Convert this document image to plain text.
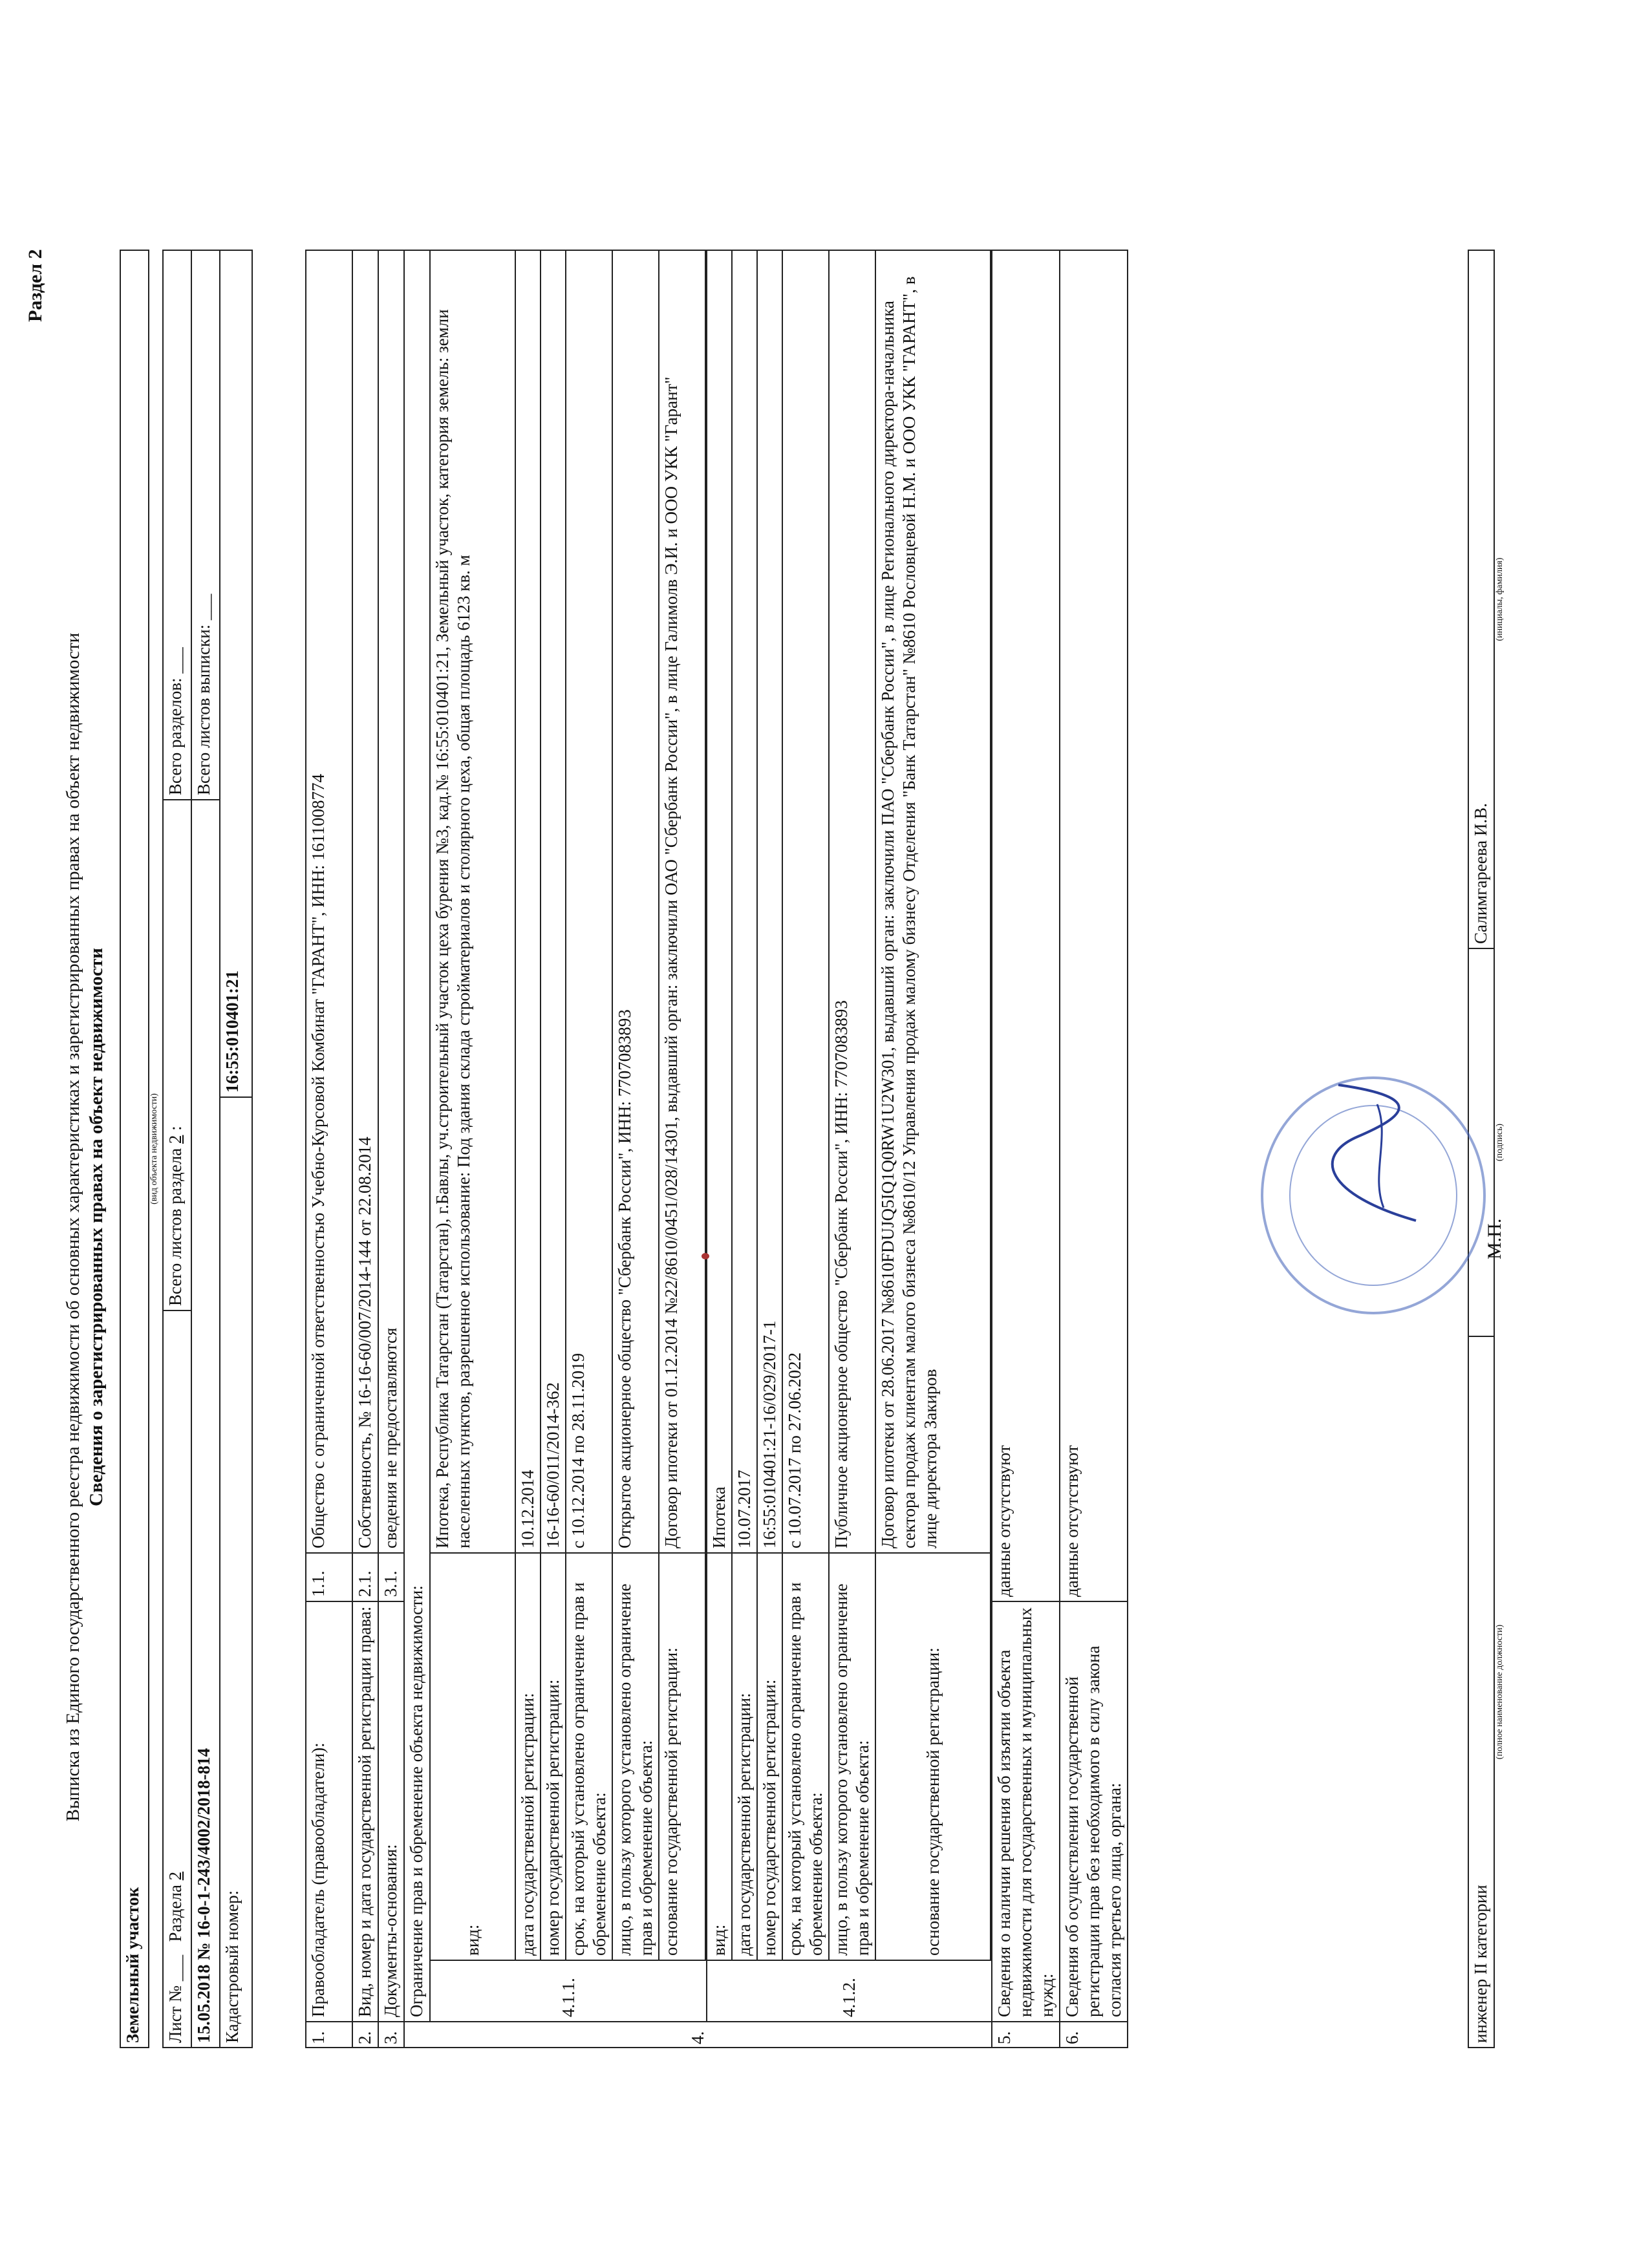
Раздел 2
Выписка из Единого государственного реестра недвижимости об основных характеристиках и зарегистрированных правах на объект недвижимости Сведения о зарегистрированных правах на объект недвижимости
Земельный участок			
(вид объекта недвижимости)			
Лист № ___   Раздела 2	Всего листов раздела 2 :		Всего разделов: ___
15.05.2018 № 16-0-1-243/4002/2018-814			Всего листов выписки: ___
Кадастровый номер:		16:55:010401:21	
1.	Правообладатель (правообладатели):		1.1.	Общество с ограниченной ответственностью Учебно-Курсовой Комбинат "ГАРАНТ", ИНН: 1611008774
2.	Вид, номер и дата государственной регистрации права:		2.1.	Собственность, № 16-16-60/007/2014-144 от 22.08.2014
3.	Документы-основания:		3.1.	сведения не предоставляются
4.	Ограничение прав и обременение объекта недвижимости:			
	4.1.1.	вид:		Ипотека, Республика Татарстан (Татарстан), г.Бавлы, уч.строительный участок цеха бурения №3, кад.№ 16:55:010401:21, Земельный участок, категория земель: земли населенных пунктов, разрешенное использование: Под здания склада стройматериалов и столярного цеха, общая площадь 6123 кв. м
		дата государственной регистрации:		10.12.2014
		номер государственной регистрации:		16-16-60/011/2014-362
		срок, на который установлено ограничение прав и обременение объекта:		с 10.12.2014 по 28.11.2019
		лицо, в пользу которого установлено ограничение прав и обременение объекта:		Открытое акционерное общество "Сбербанк России", ИНН: 7707083893
		основание государственной регистрации:		Договор ипотеки от 01.12.2014 №22/8610/0451/028/14301, выдавший орган: заключили ОАО "Сбербанк России", в лице Галимолв Э.И. и ООО УКК "Гарант"

	4.1.2.	вид:		Ипотека
		дата государственной регистрации:		10.07.2017
		номер государственной регистрации:		16:55:010401:21-16/029/2017-1
		срок, на который установлено ограничение прав и обременение объекта:		с 10.07.2017 по 27.06.2022
		лицо, в пользу которого установлено ограничение прав и обременение объекта:		Публичное акционерное общество "Сбербанк России", ИНН: 7707083893
		основание государственной регистрации:		Договор ипотеки от 28.06.2017 №8610FDUJQ5IQ1Q0RW1U2W301, выдавший орган: заключили ПАО "Сбербанк России", в лице Регионального директора-начальника сектора продаж клиентам малого бизнеса №8610/12 Управления продаж малому бизнесу Отделения "Банк Татарстан" №8610 Рословцевой Н.М. и ООО УКК "ГАРАНТ", в лице директора Закиров

5.	Сведения о наличии решения об изъятии объекта недвижимости для государственных и муниципальных нужд:		данные отсутствуют	
6.	Сведения об осуществлении государственной регистрации прав без необходимого в силу закона согласия третьего лица, органа:		данные отсутствуют	
инженер II категории		Салимгареева И.В.
(полное наименование должности)	(подпись)	(инициалы, фамилия)
М.П.
